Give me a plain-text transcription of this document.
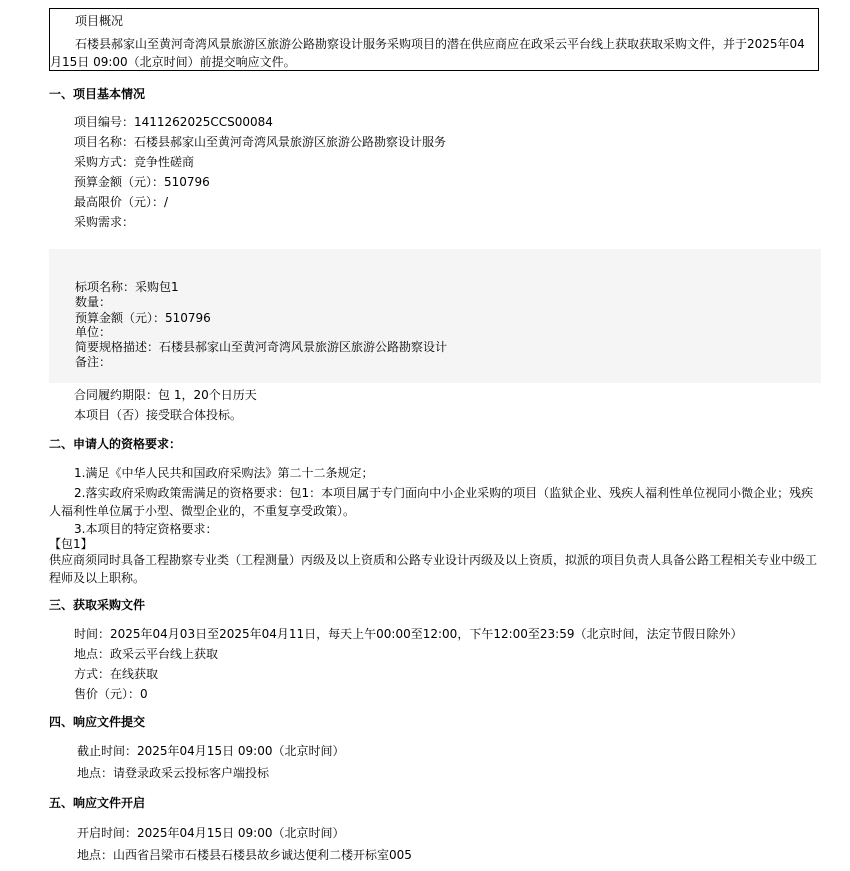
项目概况
石楼县郝家山至黄河奇湾风景旅游区旅游公路勘察设计服务采购项目的潜在供应商应在政采云平台线上获取获取采购文件，并于2025年04月15日 09:00（北京时间）前提交响应文件。
一、项目基本情况
项目编号：1411262025CCS00084
项目名称：石楼县郝家山至黄河奇湾风景旅游区旅游公路勘察设计服务
采购方式：竞争性磋商
预算金额（元）：510796
最高限价（元）：/
采购需求：
标项名称：采购包1
数量：
预算金额（元）：510796
单位：
简要规格描述：石楼县郝家山至黄河奇湾风景旅游区旅游公路勘察设计
备注：
合同履约期限：包 1，20个日历天
本项目（否）接受联合体投标。
二、申请人的资格要求：
1.满足《中华人民共和国政府采购法》第二十二条规定；
2.落实政府采购政策需满足的资格要求：包1：本项目属于专门面向中小企业采购的项目（监狱企业、残疾人福利性单位视同小微企业；残疾人福利性单位属于小型、微型企业的，不重复享受政策）。
3.本项目的特定资格要求：
【包1】
供应商须同时具备工程勘察专业类（工程测量）丙级及以上资质和公路专业设计丙级及以上资质，拟派的项目负责人具备公路工程相关专业中级工程师及以上职称。
三、获取采购文件
时间：2025年04月03日至2025年04月11日，每天上午00:00至12:00，下午12:00至23:59（北京时间，法定节假日除外）
地点：政采云平台线上获取
方式：在线获取
售价（元）：0
四、响应文件提交
截止时间：2025年04月15日 09:00（北京时间）
地点：请登录政采云投标客户端投标
五、响应文件开启
开启时间：2025年04月15日 09:00（北京时间）
地点：山西省吕梁市石楼县石楼县故乡诚达便利二楼开标室005
